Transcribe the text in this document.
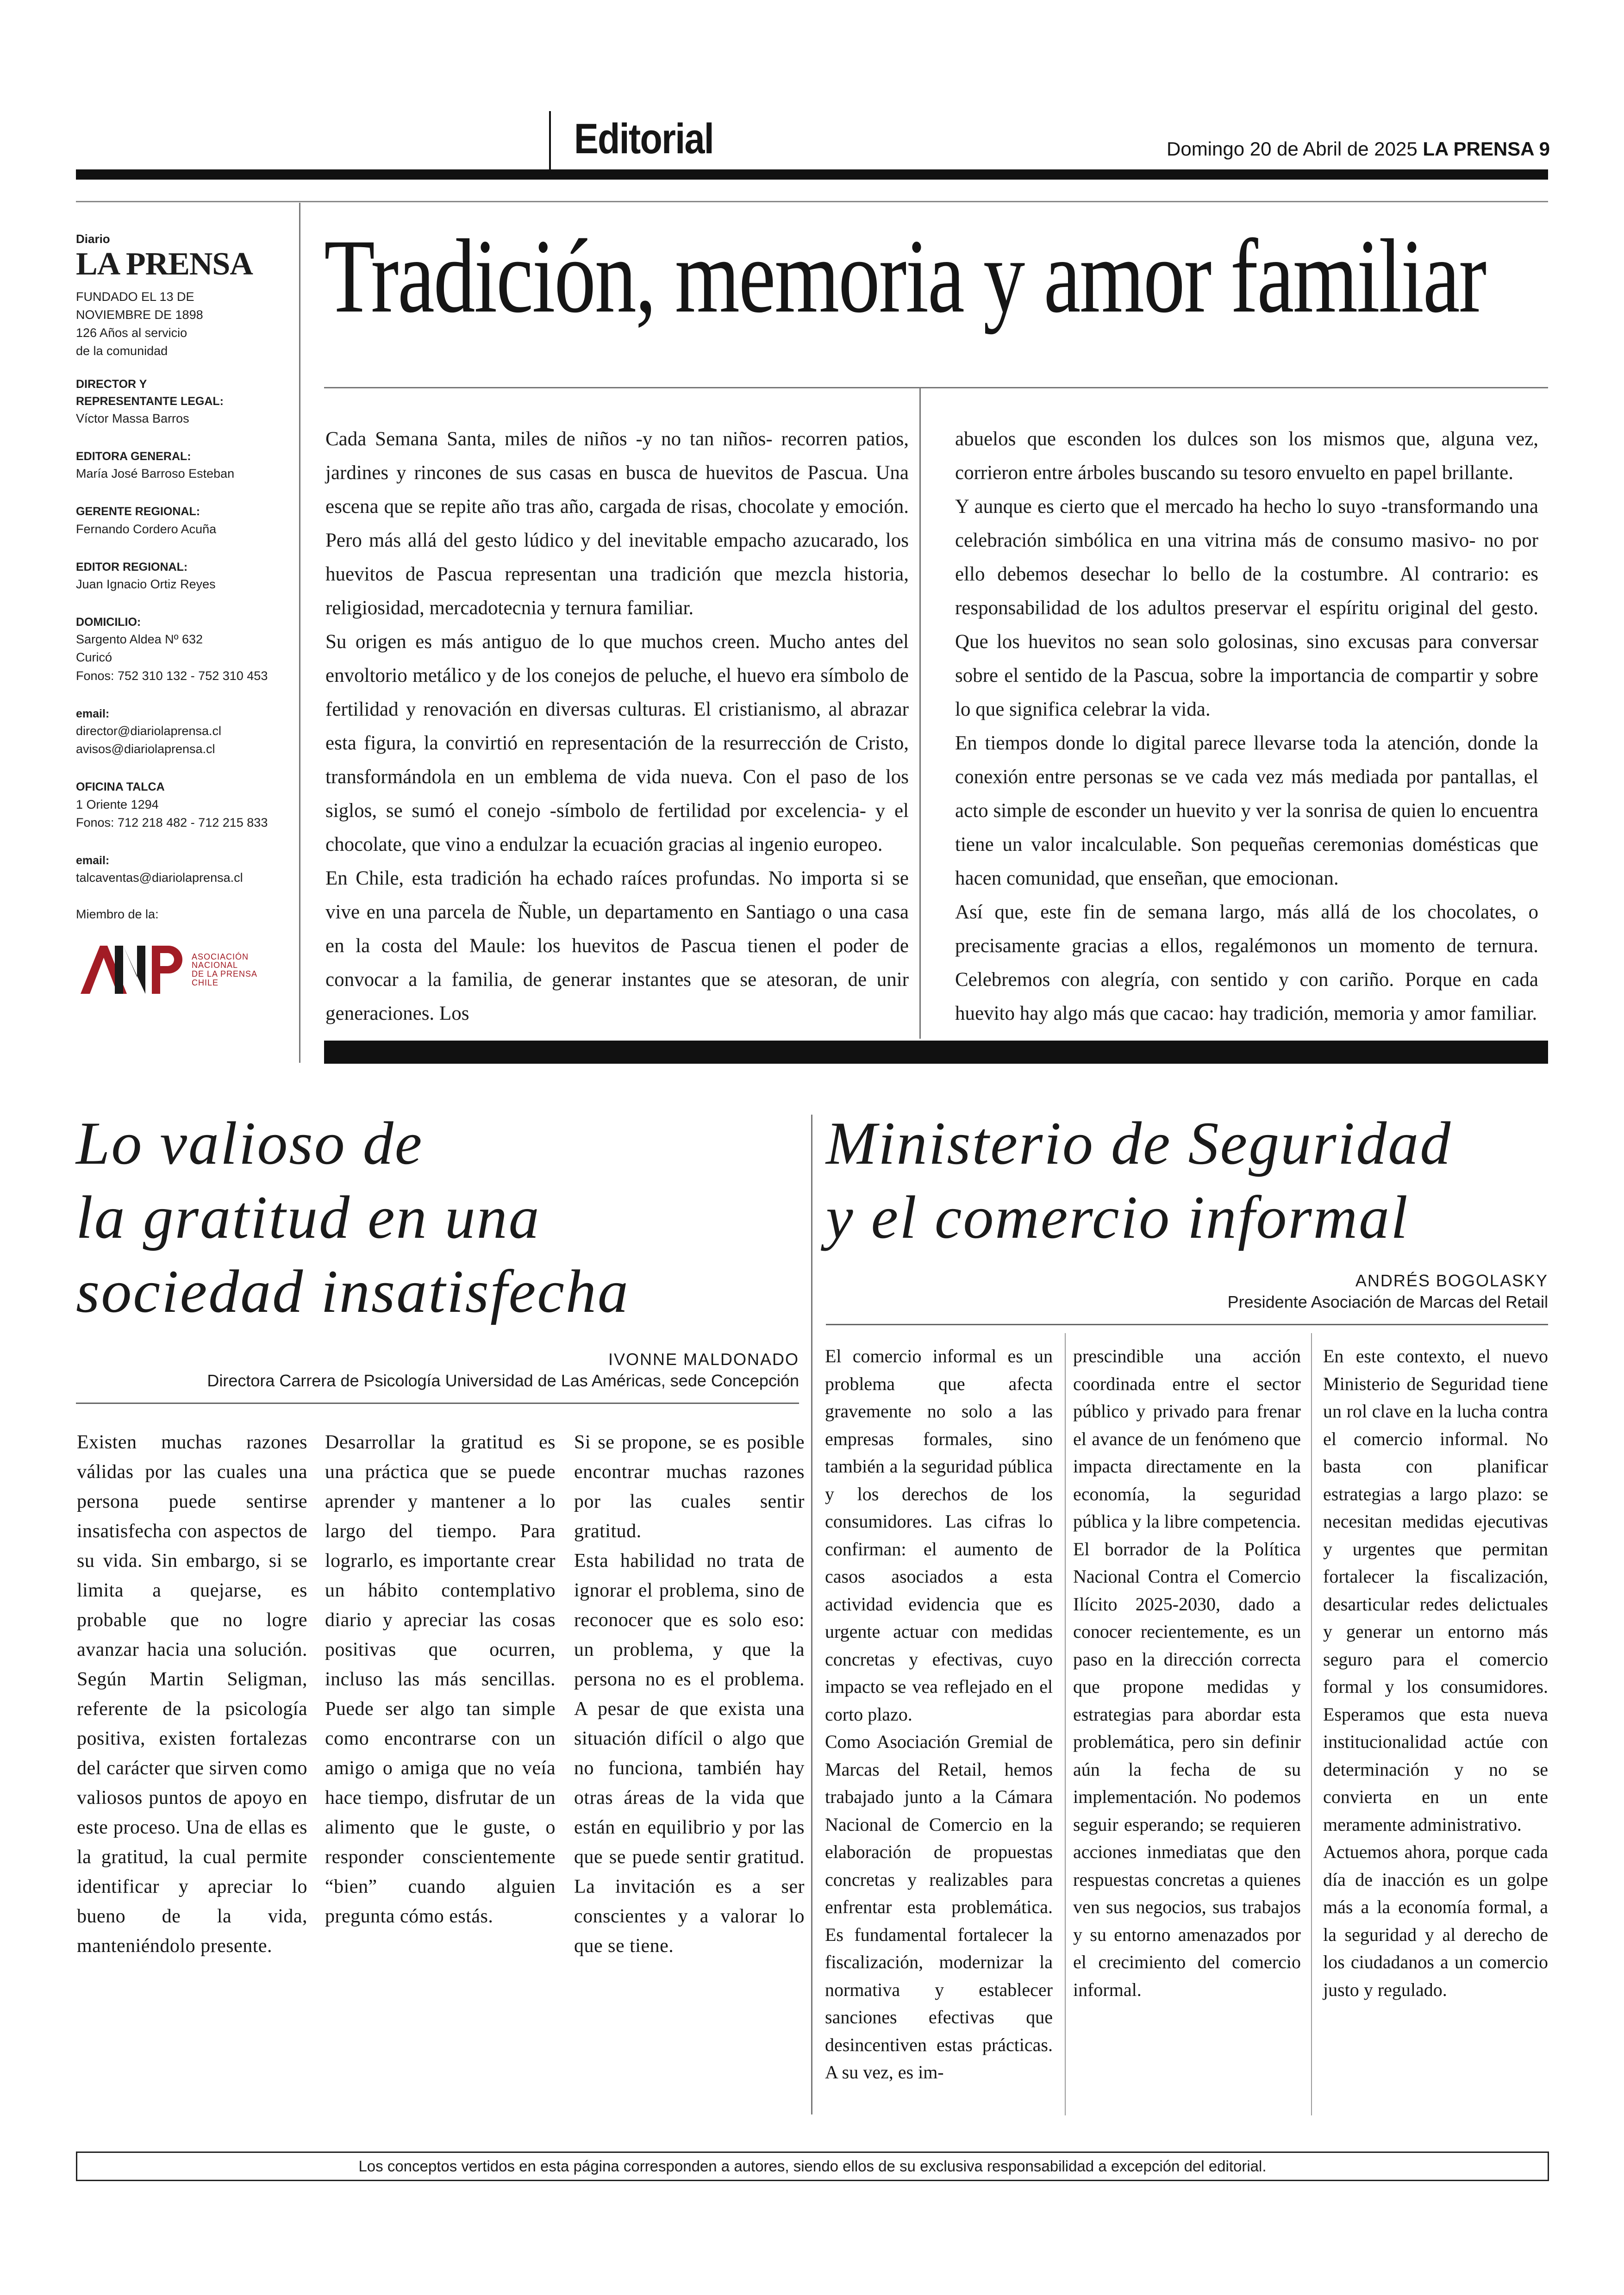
Editorial	Domingo 20 de Abril de 2025 LA PRENSA 9
Diario
LA PRENSA
FUNDADO EL 13 DE
NOVIEMBRE DE 1898
126 Años al servicio
de la comunidad
DIRECTOR Y
REPRESENTANTE LEGAL:
Víctor Massa Barros
EDITORA GENERAL:
María José Barroso Esteban
GERENTE REGIONAL:
Fernando Cordero Acuña
EDITOR REGIONAL:
Juan Ignacio Ortiz Reyes
DOMICILIO:
Sargento Aldea Nº 632
Curicó
Fonos: 752 310 132 - 752 310 453
email:
director@diariolaprensa.cl
avisos@diariolaprensa.cl
OFICINA TALCA
1 Oriente 1294
Fonos: 712 218 482 - 712 215 833
email:
talcaventas@diariolaprensa.cl
Miembro de la:
ANP
ASOCIACIÓN
NACIONAL
DE LA PRENSA
CHILE
Tradición, memoria y amor familiar

Cada Semana Santa, miles de niños -y no tan niños- recorren patios, jardines y rincones de sus casas en busca de huevitos de Pascua. Una escena que se repite año tras año, cargada de risas, chocolate y emoción. Pero más allá del gesto lúdico y del inevitable empacho azucarado, los huevitos de Pascua representan una tradición que mezcla historia, religiosidad, mercadotecnia y ternura familiar.

Su origen es más antiguo de lo que muchos creen. Mucho antes del envoltorio metálico y de los conejos de peluche, el huevo era símbolo de fertilidad y renovación en diversas culturas. El cristianismo, al abrazar esta figura, la convirtió en representación de la resurrección de Cristo, transformándola en un emblema de vida nueva. Con el paso de los siglos, se sumó el conejo -símbolo de fertilidad por excelencia- y el chocolate, que vino a endulzar la ecuación gracias al ingenio europeo.

En Chile, esta tradición ha echado raíces profundas. No importa si se vive en una parcela de Ñuble, un departamento en Santiago o una casa en la costa del Maule: los huevitos de Pascua tienen el poder de convocar a la familia, de generar instantes que se atesoran, de unir generaciones. Los

abuelos que esconden los dulces son los mismos que, alguna vez, corrieron entre árboles buscando su tesoro envuelto en papel brillante.

Y aunque es cierto que el mercado ha hecho lo suyo -transformando una celebración simbólica en una vitrina más de consumo masivo- no por ello debemos desechar lo bello de la costumbre. Al contrario: es responsabilidad de los adultos preservar el espíritu original del gesto. Que los huevitos no sean solo golosinas, sino excusas para conversar sobre el sentido de la Pascua, sobre la importancia de compartir y sobre lo que significa celebrar la vida.

En tiempos donde lo digital parece llevarse toda la atención, donde la conexión entre personas se ve cada vez más mediada por pantallas, el acto simple de esconder un huevito y ver la sonrisa de quien lo encuentra tiene un valor incalculable. Son pequeñas ceremonias domésticas que hacen comunidad, que enseñan, que emocionan.

Así que, este fin de semana largo, más allá de los chocolates, o precisamente gracias a ellos, regalémonos un momento de ternura. Celebremos con alegría, con sentido y con cariño. Porque en cada huevito hay algo más que cacao: hay tradición, memoria y amor familiar.

Lo valioso de
la gratitud en una
sociedad insatisfecha
IVONNE MALDONADO
Directora Carrera de Psicología Universidad de Las Américas, sede Concepción

Existen muchas razones válidas por las cuales una persona puede sentirse insatisfecha con aspectos de su vida. Sin embargo, si se limita a quejarse, es probable que no logre avanzar hacia una solución. Según Martin Seligman, referente de la psicología positiva, existen fortalezas del carácter que sirven como valiosos puntos de apoyo en este proceso. Una de ellas es la gratitud, la cual permite identificar y apreciar lo bueno de la vida, manteniéndolo presente.

Desarrollar la gratitud es una práctica que se puede aprender y mantener a lo largo del tiempo. Para lograrlo, es importante crear un hábito contemplativo diario y apreciar las cosas positivas que ocurren, incluso las más sencillas. Puede ser algo tan simple como encontrarse con un amigo o amiga que no veía hace tiempo, disfrutar de un alimento que le guste, o responder conscientemente “bien” cuando alguien pregunta cómo estás.

Si se propone, se es posible encontrar muchas razones por las cuales sentir gratitud.

Esta habilidad no trata de ignorar el problema, sino de reconocer que es solo eso: un problema, y que la persona no es el problema. A pesar de que exista una situación difícil o algo que no funciona, también hay otras áreas de la vida que están en equilibrio y por las que se puede sentir gratitud. La invitación es a ser conscientes y a valorar lo que se tiene.

Ministerio de Seguridad
y el comercio informal
ANDRÉS BOGOLASKY
Presidente Asociación de Marcas del Retail

El comercio informal es un problema que afecta gravemente no solo a las empresas formales, sino también a la seguridad pública y los derechos de los consumidores. Las cifras lo confirman: el aumento de casos asociados a esta actividad evidencia que es urgente actuar con medidas concretas y efectivas, cuyo impacto se vea reflejado en el corto plazo.

Como Asociación Gremial de Marcas del Retail, hemos trabajado junto a la Cámara Nacional de Comercio en la elaboración de propuestas concretas y realizables para enfrentar esta problemática. Es fundamental fortalecer la fiscalización, modernizar la normativa y establecer sanciones efectivas que desincentiven estas prácticas. A su vez, es im-

prescindible una acción coordinada entre el sector público y privado para frenar el avance de un fenómeno que impacta directamente en la economía, la seguridad pública y la libre competencia.

El borrador de la Política Nacional Contra el Comercio Ilícito 2025-2030, dado a conocer recientemente, es un paso en la dirección correcta que propone medidas y estrategias para abordar esta problemática, pero sin definir aún la fecha de su implementación. No podemos seguir esperando; se requieren acciones inmediatas que den respuestas concretas a quienes ven sus negocios, sus trabajos y su entorno amenazados por el crecimiento del comercio informal.

En este contexto, el nuevo Ministerio de Seguridad tiene un rol clave en la lucha contra el comercio informal. No basta con planificar estrategias a largo plazo: se necesitan medidas ejecutivas y urgentes que permitan fortalecer la fiscalización, desarticular redes delictuales y generar un entorno más seguro para el comercio formal y los consumidores. Esperamos que esta nueva institucionalidad actúe con determinación y no se convierta en un ente meramente administrativo.

Actuemos ahora, porque cada día de inacción es un golpe más a la economía formal, a la seguridad y al derecho de los ciudadanos a un comercio justo y regulado.

Los conceptos vertidos en esta página corresponden a autores, siendo ellos de su exclusiva responsabilidad a excepción del editorial.
